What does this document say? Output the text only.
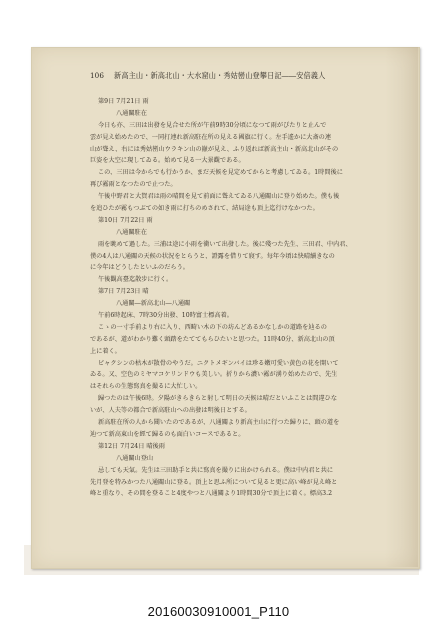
106 新高主山・新高北山・大水窟山・秀姑巒山登攀日記――安倍義人
第9日 7月21日 雨
八通關駐在
今日も亦、三田は出發を見合せた所が午前9時30分頃になつて雨がぴたりと止んで
雲が見え始めたので、一同打連れ新高駐在所の見える國旗に行く。左手遙かに大斎の連
山が聳え、右には秀姑巒山ウラキン山の巓が見え、ふり返れば新高主山・新高北山がその
巨姿を大空に現してゐる。始めて見る一大景觀である。
この、三田は今からでも行かうか、まだ天候を見定めてからと考慮してゐる。1時間後に
再び霧雨となつたので止つた。
午後中野君と大賀君は雨の晴間を見て前面に聳えてゐる八通關山に登り始めた。僕も後
を追ひたが霧もつぶての如き雨に打ちのめされて、結局途も頂上迄行けなかつた。
第10日 7月22日 雨
八通關駐在
雨を眺めて過した。三浦は途に小雨を衝いて出發した。後に殘つた先生、三田君、中内君、
僕の4人は八通關の天候の状況をとらうと、證露を借りて寢す。每年今頃は快晴續きなの
に今年はどうしたといふのだらう。
午後觀高臺迄散步に行く。
第7日 7月23日 晴
八通關―新高北山―八通關
午前6時起床、7時30分出發、10時富士標高着。
こゝの一寸手前より右に入り、西畸い木の下の坊んどあるかなしかの道路を辿るの
であるが、道がわかり難く頭踏をたててもらひたいと思つた。11時40分、新高北山の頂
上に着く。
ビャクシンの枯木が散骨のやうだ。ニクトメギンバイは珍る嫩可愛い黄色の花を開いて
ゐる。又、空色のミヤマコケリンドウも美しい。折りから濃い霧が湧り始めたので、先生
はそれらの生態寫真を撮るに大忙しい。
歸つたのは午後6時。夕陽がきらきらと射して明日の天候は晴だといふことは間違ひな
いが、人夫等の都合で新高駐山への出發は明後日とする。
新高駐在所の人から聞いたのであるが、八通關より新高主山に行つた歸りに、頭の道を
辿つて新高東山を經て歸るのも面白いコースであると。
第12日 7月24日 晴後雨
八通關山登山
忌しても天氣。先生は三田助手と共に寫真を撮りに出かけられる。僕は中内君と共に
先月登を特みかつた八通關山に登る。頂上と思ふ所について見ると更に高い峰が見え峰と
峰と重なり、その間を登ること4度やつと八通關より1時間30分で頂上に着く。標高3.2
20160030910001_P110
